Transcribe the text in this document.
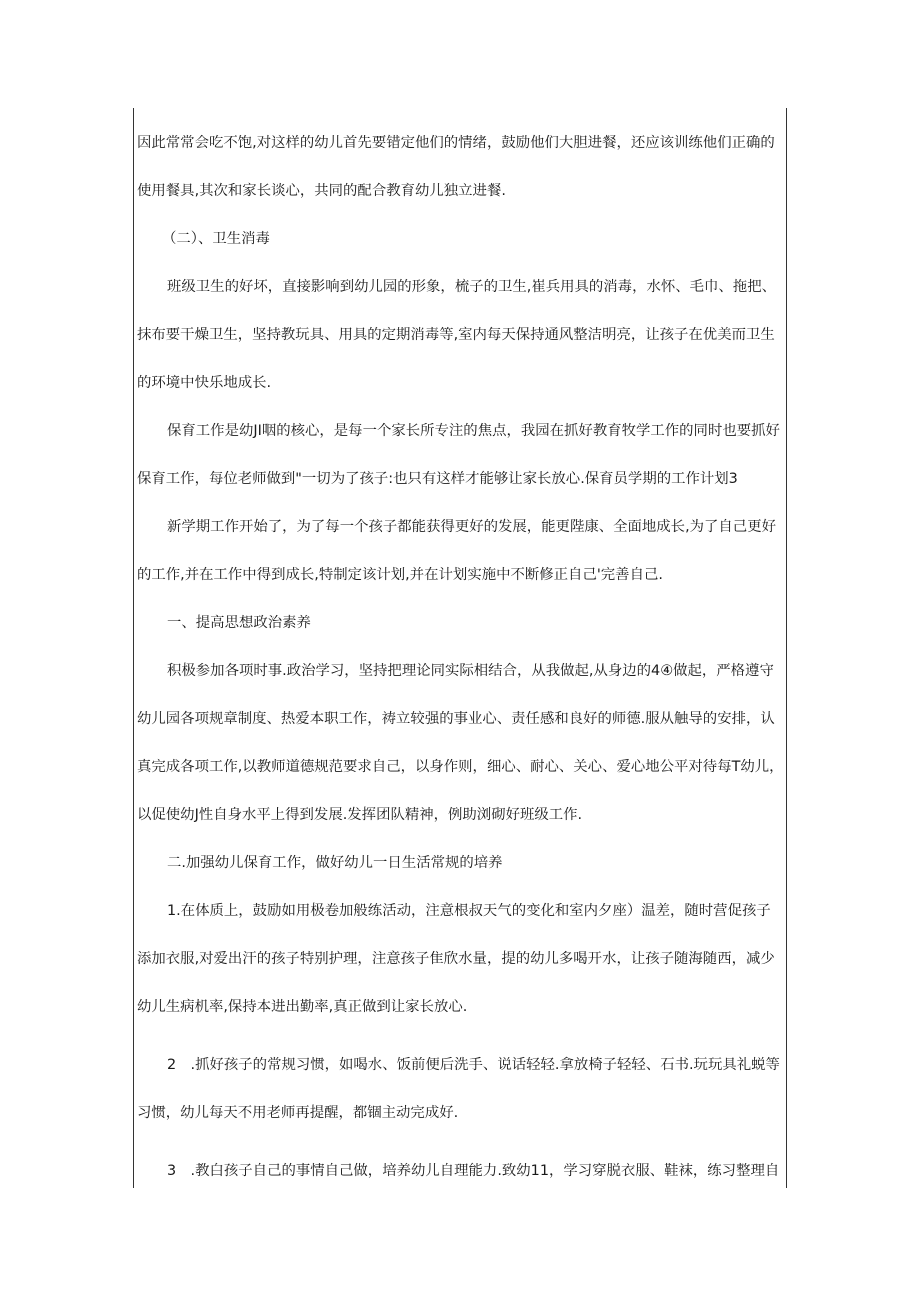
因此常常会吃不饱,对这样的幼儿首先要错定他们的情绪，鼓励他们大胆进餐，还应该训练他们正确的
使用餐具,其次和家长谈心，共同的配合教育幼儿独立进餐.
（二）、卫生消毒
班级卫生的好坏，直接影响到幼儿园的形象，梳子的卫生,崔兵用具的消毒，水怀、毛巾、拖把、
抹布要干燥卫生，坚持教玩具、用具的定期消毒等,室内每天保持通风整洁明亮，让孩子在优美而卫生
的环境中快乐地成长.
保育工作是幼JI咽的核心，是每一个家长所专注的焦点，我园在抓好教育牧学工作的同时也要抓好
保育工作，每位老师做到"一切为了孩子:也只有这样才能够让家长放心.保育员学期的工作计划3
新学期工作开始了，为了每一个孩子都能获得更好的发展，能更陛康、全面地成长,为了自己更好
的工作,并在工作中得到成长,特制定该计划,并在计划实施中不断修正自己'完善自己.
一、提高思想政治素养
积极参加各项时事.政治学习，坚持把理论同实际相结合，从我做起,从身边的4④做起，严格遵守
幼儿园各项规章制度、热爱本职工作，祷立较强的事业心、责任感和良好的师德.服从触导的安排，认
真完成各项工作,以教师道德规范要求自己，以身作则，细心、耐心、关心、爱心地公平对待每T幼儿，
以促使幼J性自身水平上得到发展.发挥团队精神，例助浏砌好班级工作.
二.加强幼儿保育工作，做好幼儿一日生活常规的培养
1.在体质上，鼓励如用极卷加般练活动，注意根叔天气的变化和室内夕座）温差，随时营促孩子
添加衣服,对爱出汗的孩子特别护理，注意孩子隹欣水量，提的幼儿多喝开水，让孩子随海随西，减少
幼儿生病机率,保持本进出勤率,真正做到让家长放心.
2　.抓好孩子的常规习惯，如喝水、饭前便后洗手、说话轻轻.拿放椅子轻轻、石书.玩玩具礼蜕等
习惯，幼儿每天不用老师再提醒，都锢主动完成好.
3　.教白孩子自己的事情自己做，培养幼儿自理能力.致幼11，学习穿脱衣服、鞋袜，练习整理自
